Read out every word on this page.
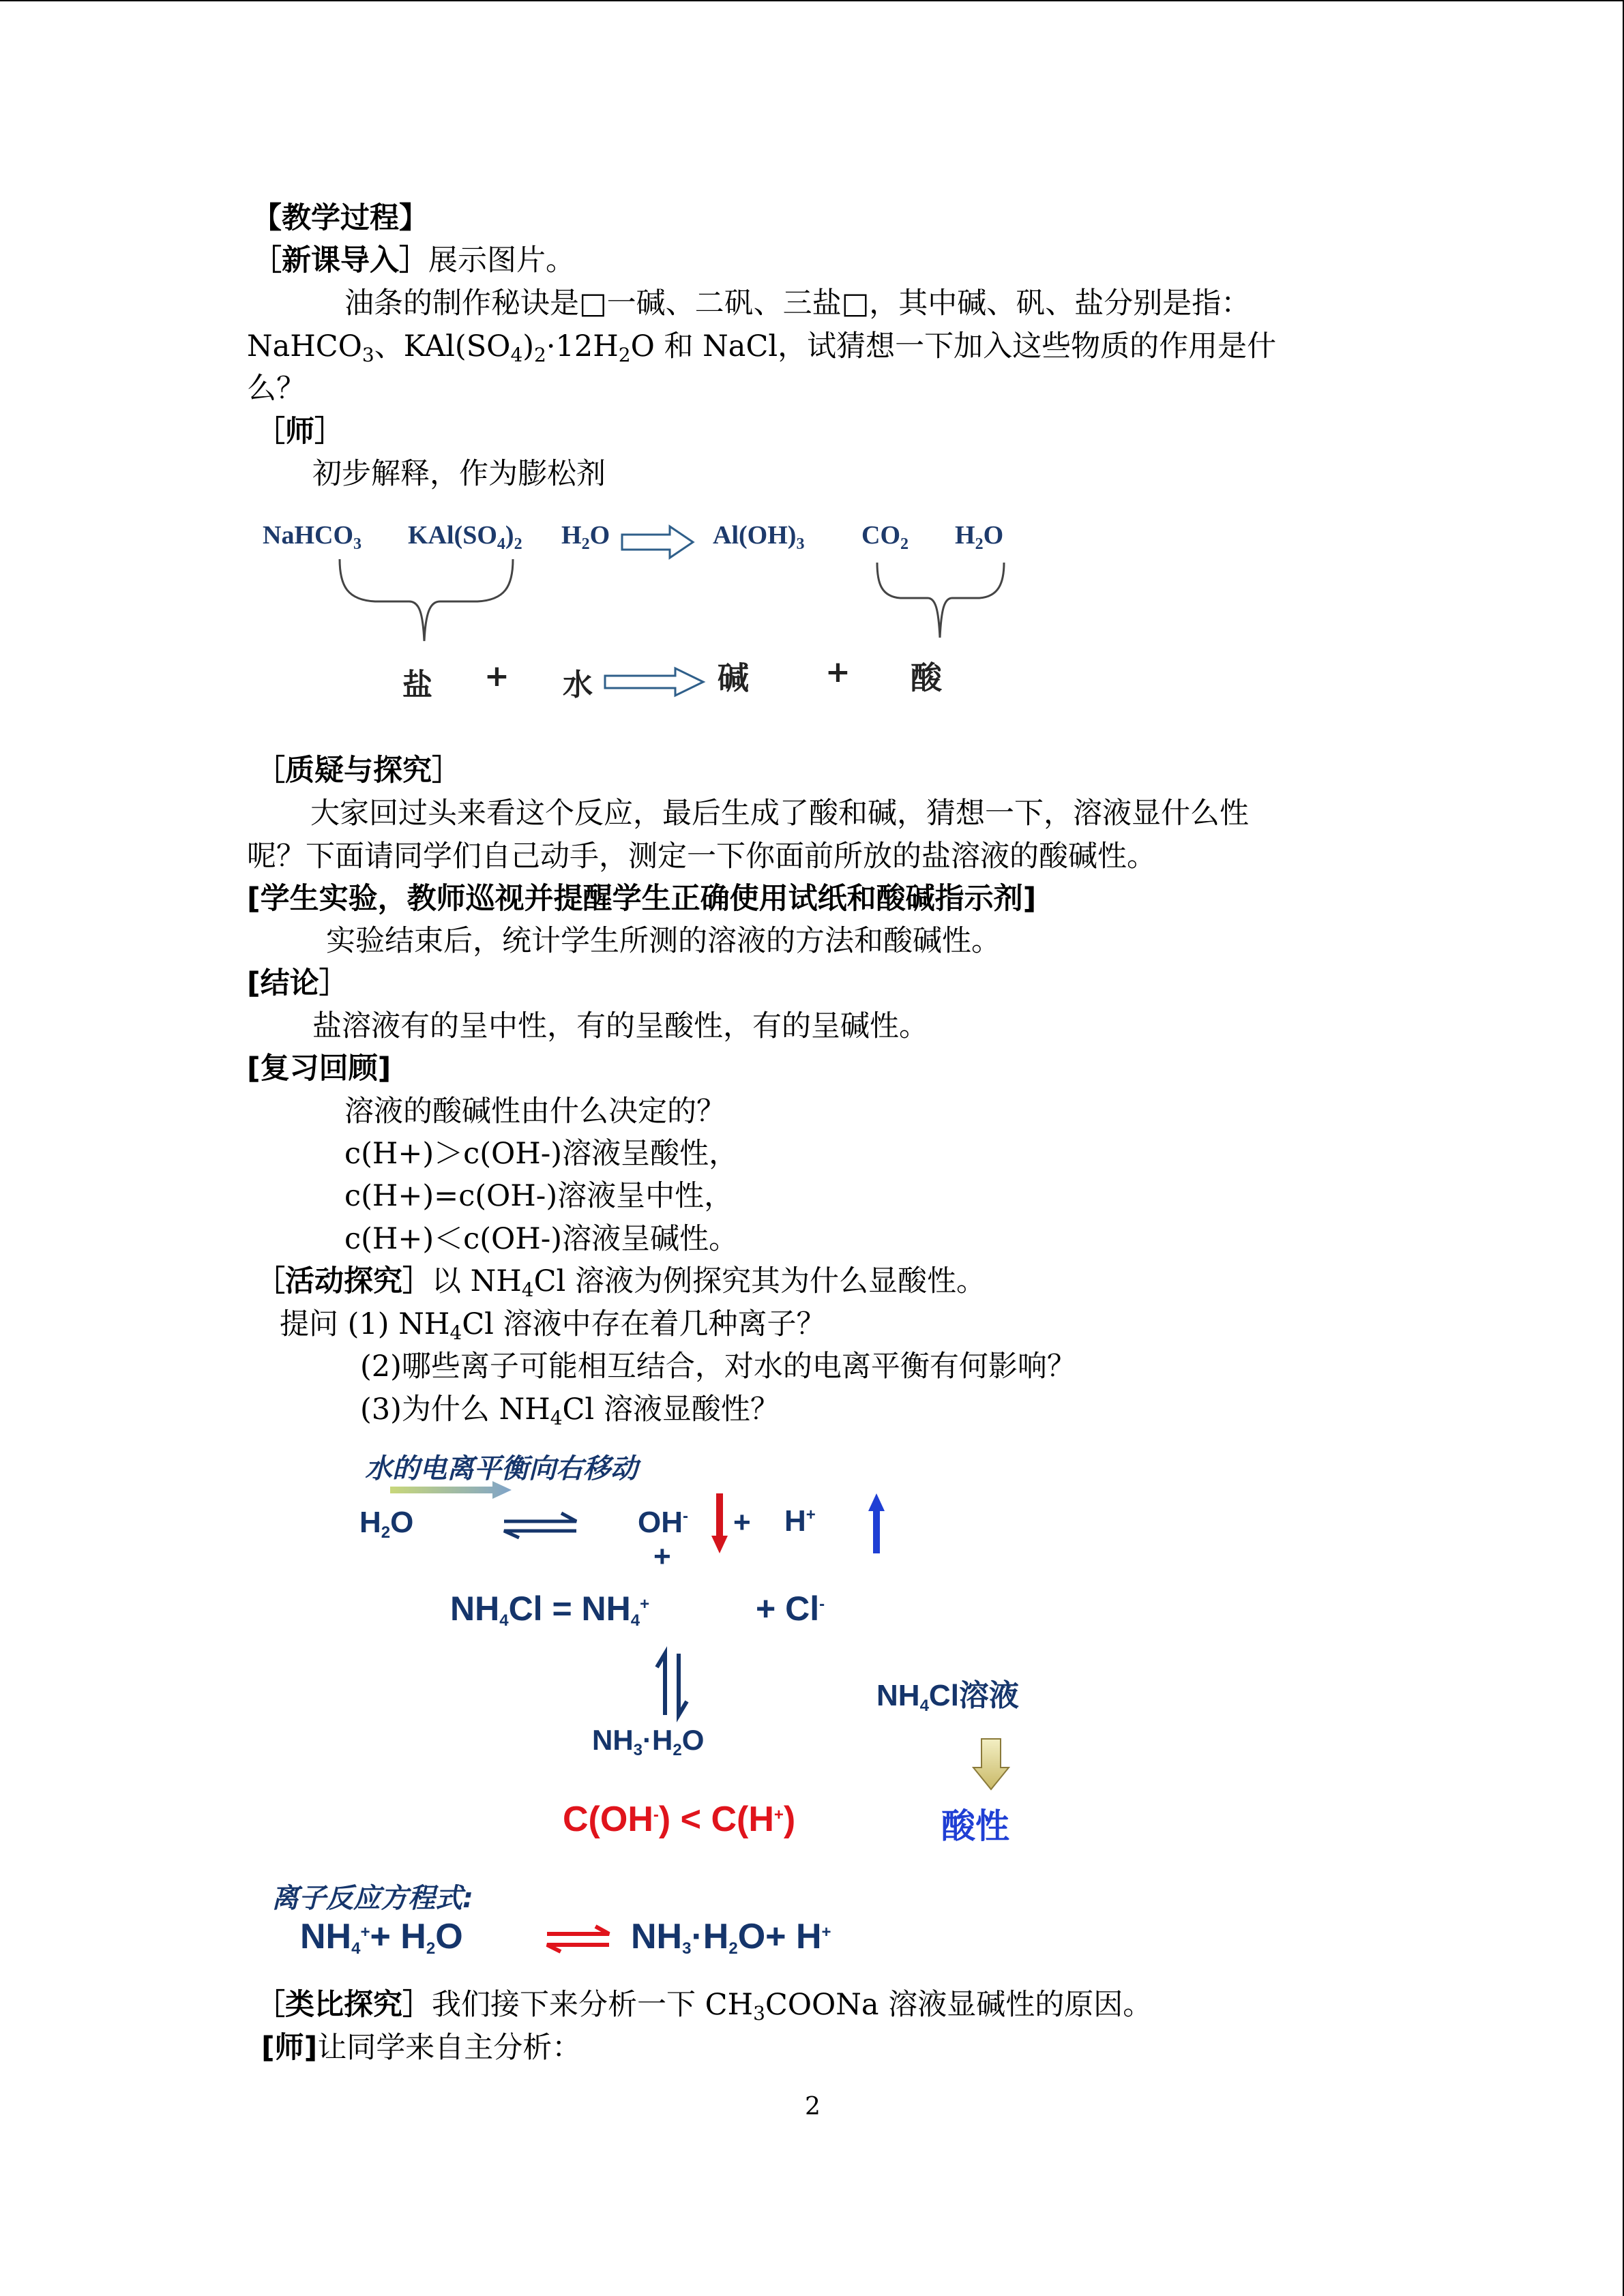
【教学过程】
［新课导入］展示图片。
油条的制作秘诀是□一碱、二矾、三盐□，其中碱、矾、盐分别是指：
NaHCO$_3$、$KAl(SO_4)_2\cdot 12H_2O$ 和 NaCl，试猜想一下加入这些物质的作用是什
么？
［师］
初步解释，作为膨松剂
NaHCO$_3$ $KAl(SO_4)_2$ $H_2O$	$Al(OH)_3$ $CO_2$ $H_2O$
盐 + 水	碱	+ 酸
［质疑与探究］
大家回过头来看这个反应，最后生成了酸和碱，猜想一下，溶液显什么性
呢？下面请同学们自己动手，测定一下你面前所放的盐溶液的酸碱性。
[学生实验，教师巡视并提醒学生正确使用试纸和酸碱指示剂]
实验结束后，统计学生所测的溶液的方法和酸碱性。
[结论］
盐溶液有的呈中性，有的呈酸性，有的呈碱性。
[复习回顾]
溶液的酸碱性由什么决定的？
c(H+)＞c(OH-)溶液呈酸性，
c(H+)=c(OH-)溶液呈中性，
c(H+)＜c(OH-)溶液呈碱性。
［活动探究］以 $NH_4Cl$ 溶液为例探究其为什么显酸性。
提问 (1) $NH_4Cl$ 溶液中存在着几种离子？
(2)哪些离子可能相互结合，对水的电离平衡有何影响？
(3)为什么 $NH_4Cl$ 溶液显酸性？
水的电离平衡向右移动
$H_2O$	OH- + H+
+
$NH_4Cl = NH_4^+$	+ Cl-
$NH_4Cl$溶液
$NH_3\cdot H_2O$
C(OH-) < C(H+)	酸性
离子反应方程式:
$NH_4^++ H_2O$	$NH_3\cdot H_2O+ H^+$
［类比探究］我们接下来分析一下 $CH_3COONa$ 溶液显碱性的原因。
[师]让同学来自主分析：
2
